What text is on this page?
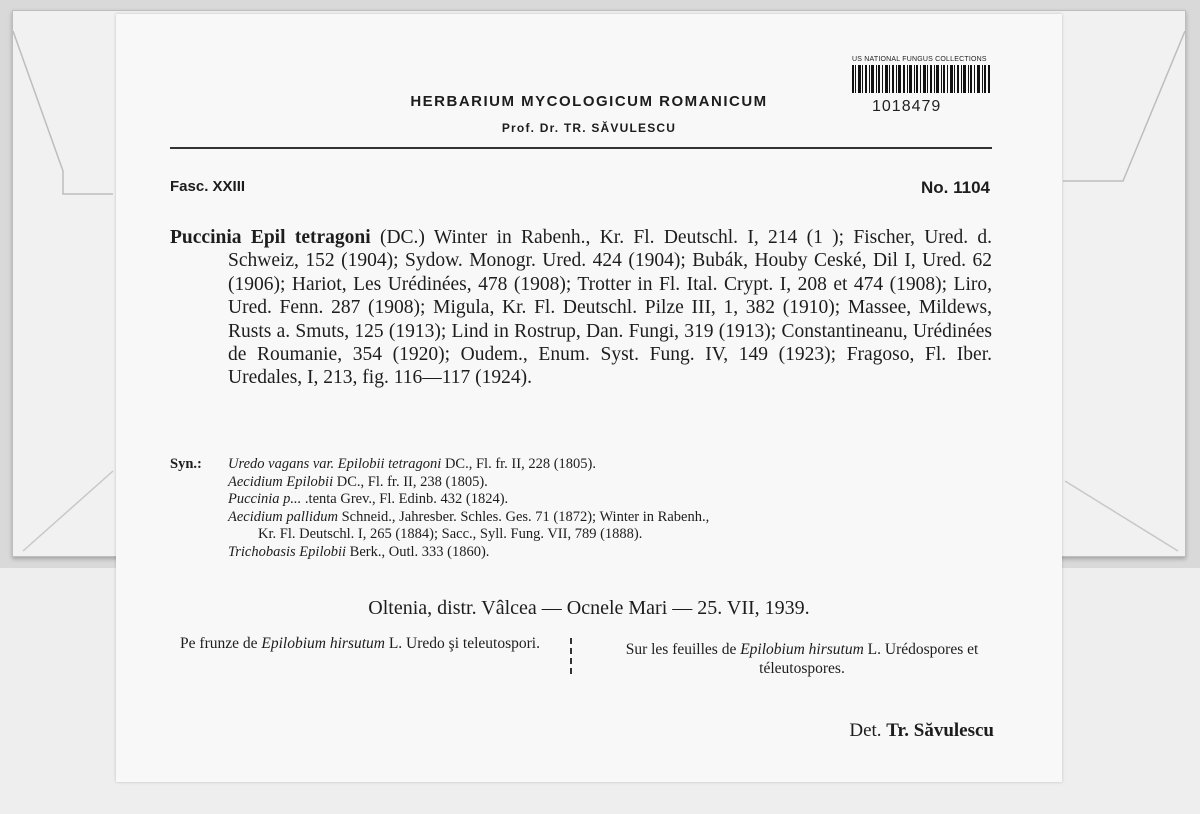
US NATIONAL FUNGUS COLLECTIONS
1018479
HERBARIUM MYCOLOGICUM ROMANICUM
Prof. Dr. TR. SĂVULESCU
Fasc. XXIII	No. 1104
Puccinia Epil tetragoni (DC.) Winter in Rabenh., Kr. Fl. Deutschl. I, 214 (1 ); Fischer, Ured. d. Schweiz, 152 (1904); Sydow. Monogr. Ured. 424 (1904); Bubák, Houby Ceské, Dil I, Ured. 62 (1906); Hariot, Les Urédinées, 478 (1908); Trotter in Fl. Ital. Crypt. I, 208 et 474 (1908); Liro, Ured. Fenn. 287 (1908); Migula, Kr. Fl. Deutschl. Pilze III, 1, 382 (1910); Massee, Mildews, Rusts a. Smuts, 125 (1913); Lind in Rostrup, Dan. Fungi, 319 (1913); Constantineanu, Urédinées de Roumanie, 354 (1920); Oudem., Enum. Syst. Fung. IV, 149 (1923); Fragoso, Fl. Iber. Uredales, I, 213, fig. 116—117 (1924).
Syn.: Uredo vagans var. Epilobii tetragoni DC., Fl. fr. II, 228 (1805).
Aecidium Epilobii DC., Fl. fr. II, 238 (1805).
Puccinia p... .tenta Grev., Fl. Edinb. 432 (1824).
Aecidium pallidum Schneid., Jahresber. Schles. Ges. 71 (1872); Winter in Rabenh.,
Kr. Fl. Deutschl. I, 265 (1884); Sacc., Syll. Fung. VII, 789 (1888).
Trichobasis Epilobii Berk., Outl. 333 (1860).
Oltenia, distr. Vâlcea — Ocnele Mari — 25. VII, 1939.
Pe frunze de Epilobium hirsutum L. Uredo şi teleutospori.	Sur les feuilles de Epilobium hirsutum L. Urédospores et téleutospores.
Det. Tr. Săvulescu
